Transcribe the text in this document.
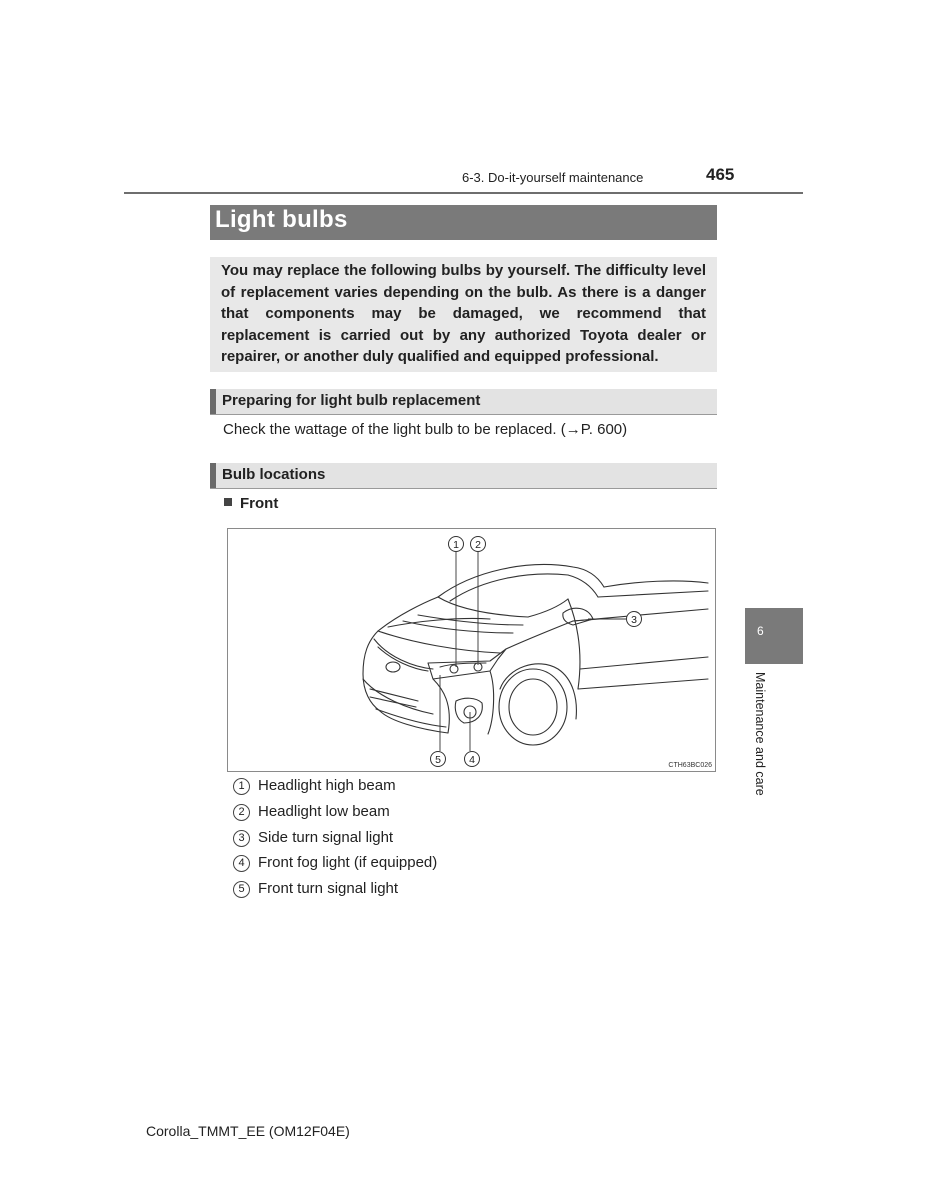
6-3. Do-it-yourself maintenance	465
Light bulbs

You may replace the following bulbs by yourself. The difficulty level of replacement varies depending on the bulb. As there is a danger that components may be damaged, we recommend that replacement is carried out by any authorized Toyota dealer or repairer, or another duly qualified and equipped professional.

Preparing for light bulb replacement
Check the wattage of the light bulb to be replaced. (→P. 600)
Bulb locations
Front
1 2
3
4
5	CTH63BC026
1 Headlight high beam
2 Headlight low beam
3 Side turn signal light
4 Front fog light (if equipped)
5 Front turn signal light
6
Maintenance and care
Corolla_TMMT_EE (OM12F04E)
